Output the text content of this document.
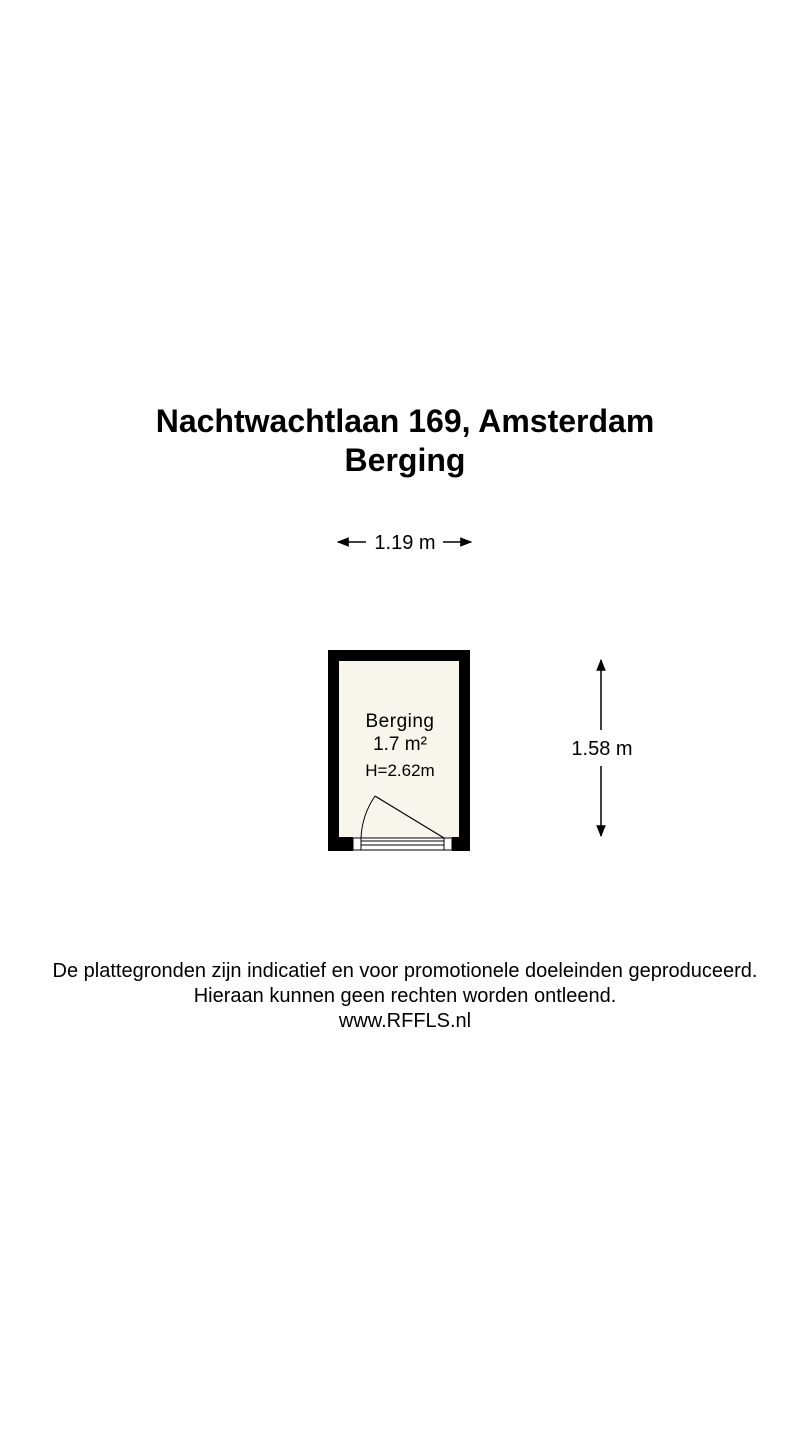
Nachtwachtlaan 169, Amsterdam
Berging
1.19 m
1.58 m
Berging
1.7 m²
H=2.62m
De plattegronden zijn indicatief en voor promotionele doeleinden geproduceerd.
Hieraan kunnen geen rechten worden ontleend.
www.RFFLS.nl
